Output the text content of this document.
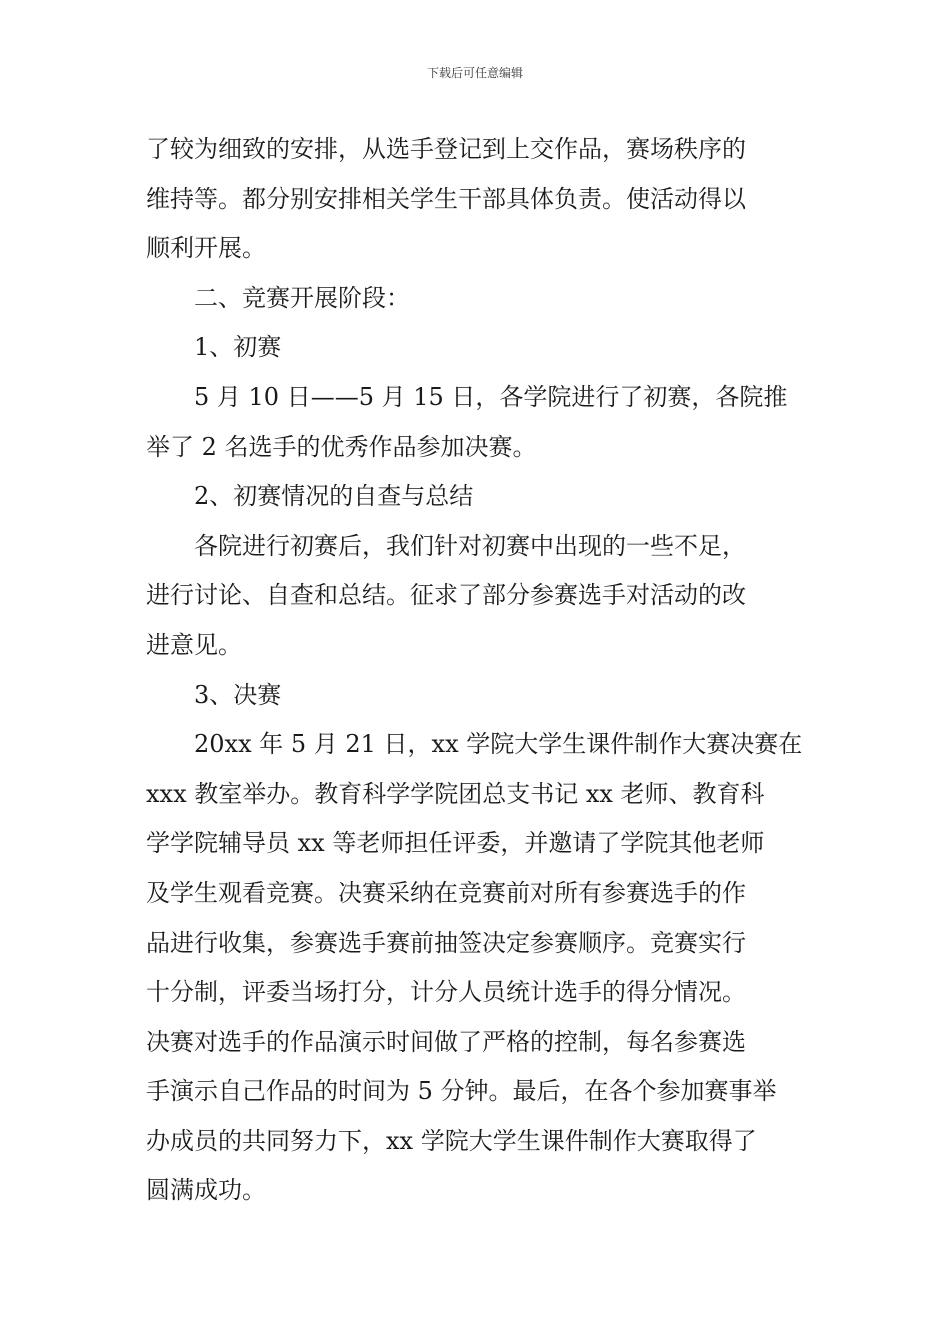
下载后可任意编辑
了较为细致的安排，从选手登记到上交作品，赛场秩序的
维持等。都分别安排相关学生干部具体负责。使活动得以
顺利开展。
二、竞赛开展阶段：
1、初赛
5 月 10 日——5 月 15 日，各学院进行了初赛，各院推
举了 2 名选手的优秀作品参加决赛。
2、初赛情况的自查与总结
各院进行初赛后，我们针对初赛中出现的一些不足，
进行讨论、自查和总结。征求了部分参赛选手对活动的改
进意见。
3、决赛
20xx 年 5 月 21 日，xx 学院大学生课件制作大赛决赛在
xxx 教室举办。教育科学学院团总支书记 xx 老师、教育科
学学院辅导员 xx 等老师担任评委，并邀请了学院其他老师
及学生观看竞赛。决赛采纳在竞赛前对所有参赛选手的作
品进行收集，参赛选手赛前抽签决定参赛顺序。竞赛实行
十分制，评委当场打分，计分人员统计选手的得分情况。
决赛对选手的作品演示时间做了严格的控制，每名参赛选
手演示自己作品的时间为 5 分钟。最后，在各个参加赛事举
办成员的共同努力下，xx 学院大学生课件制作大赛取得了
圆满成功。
